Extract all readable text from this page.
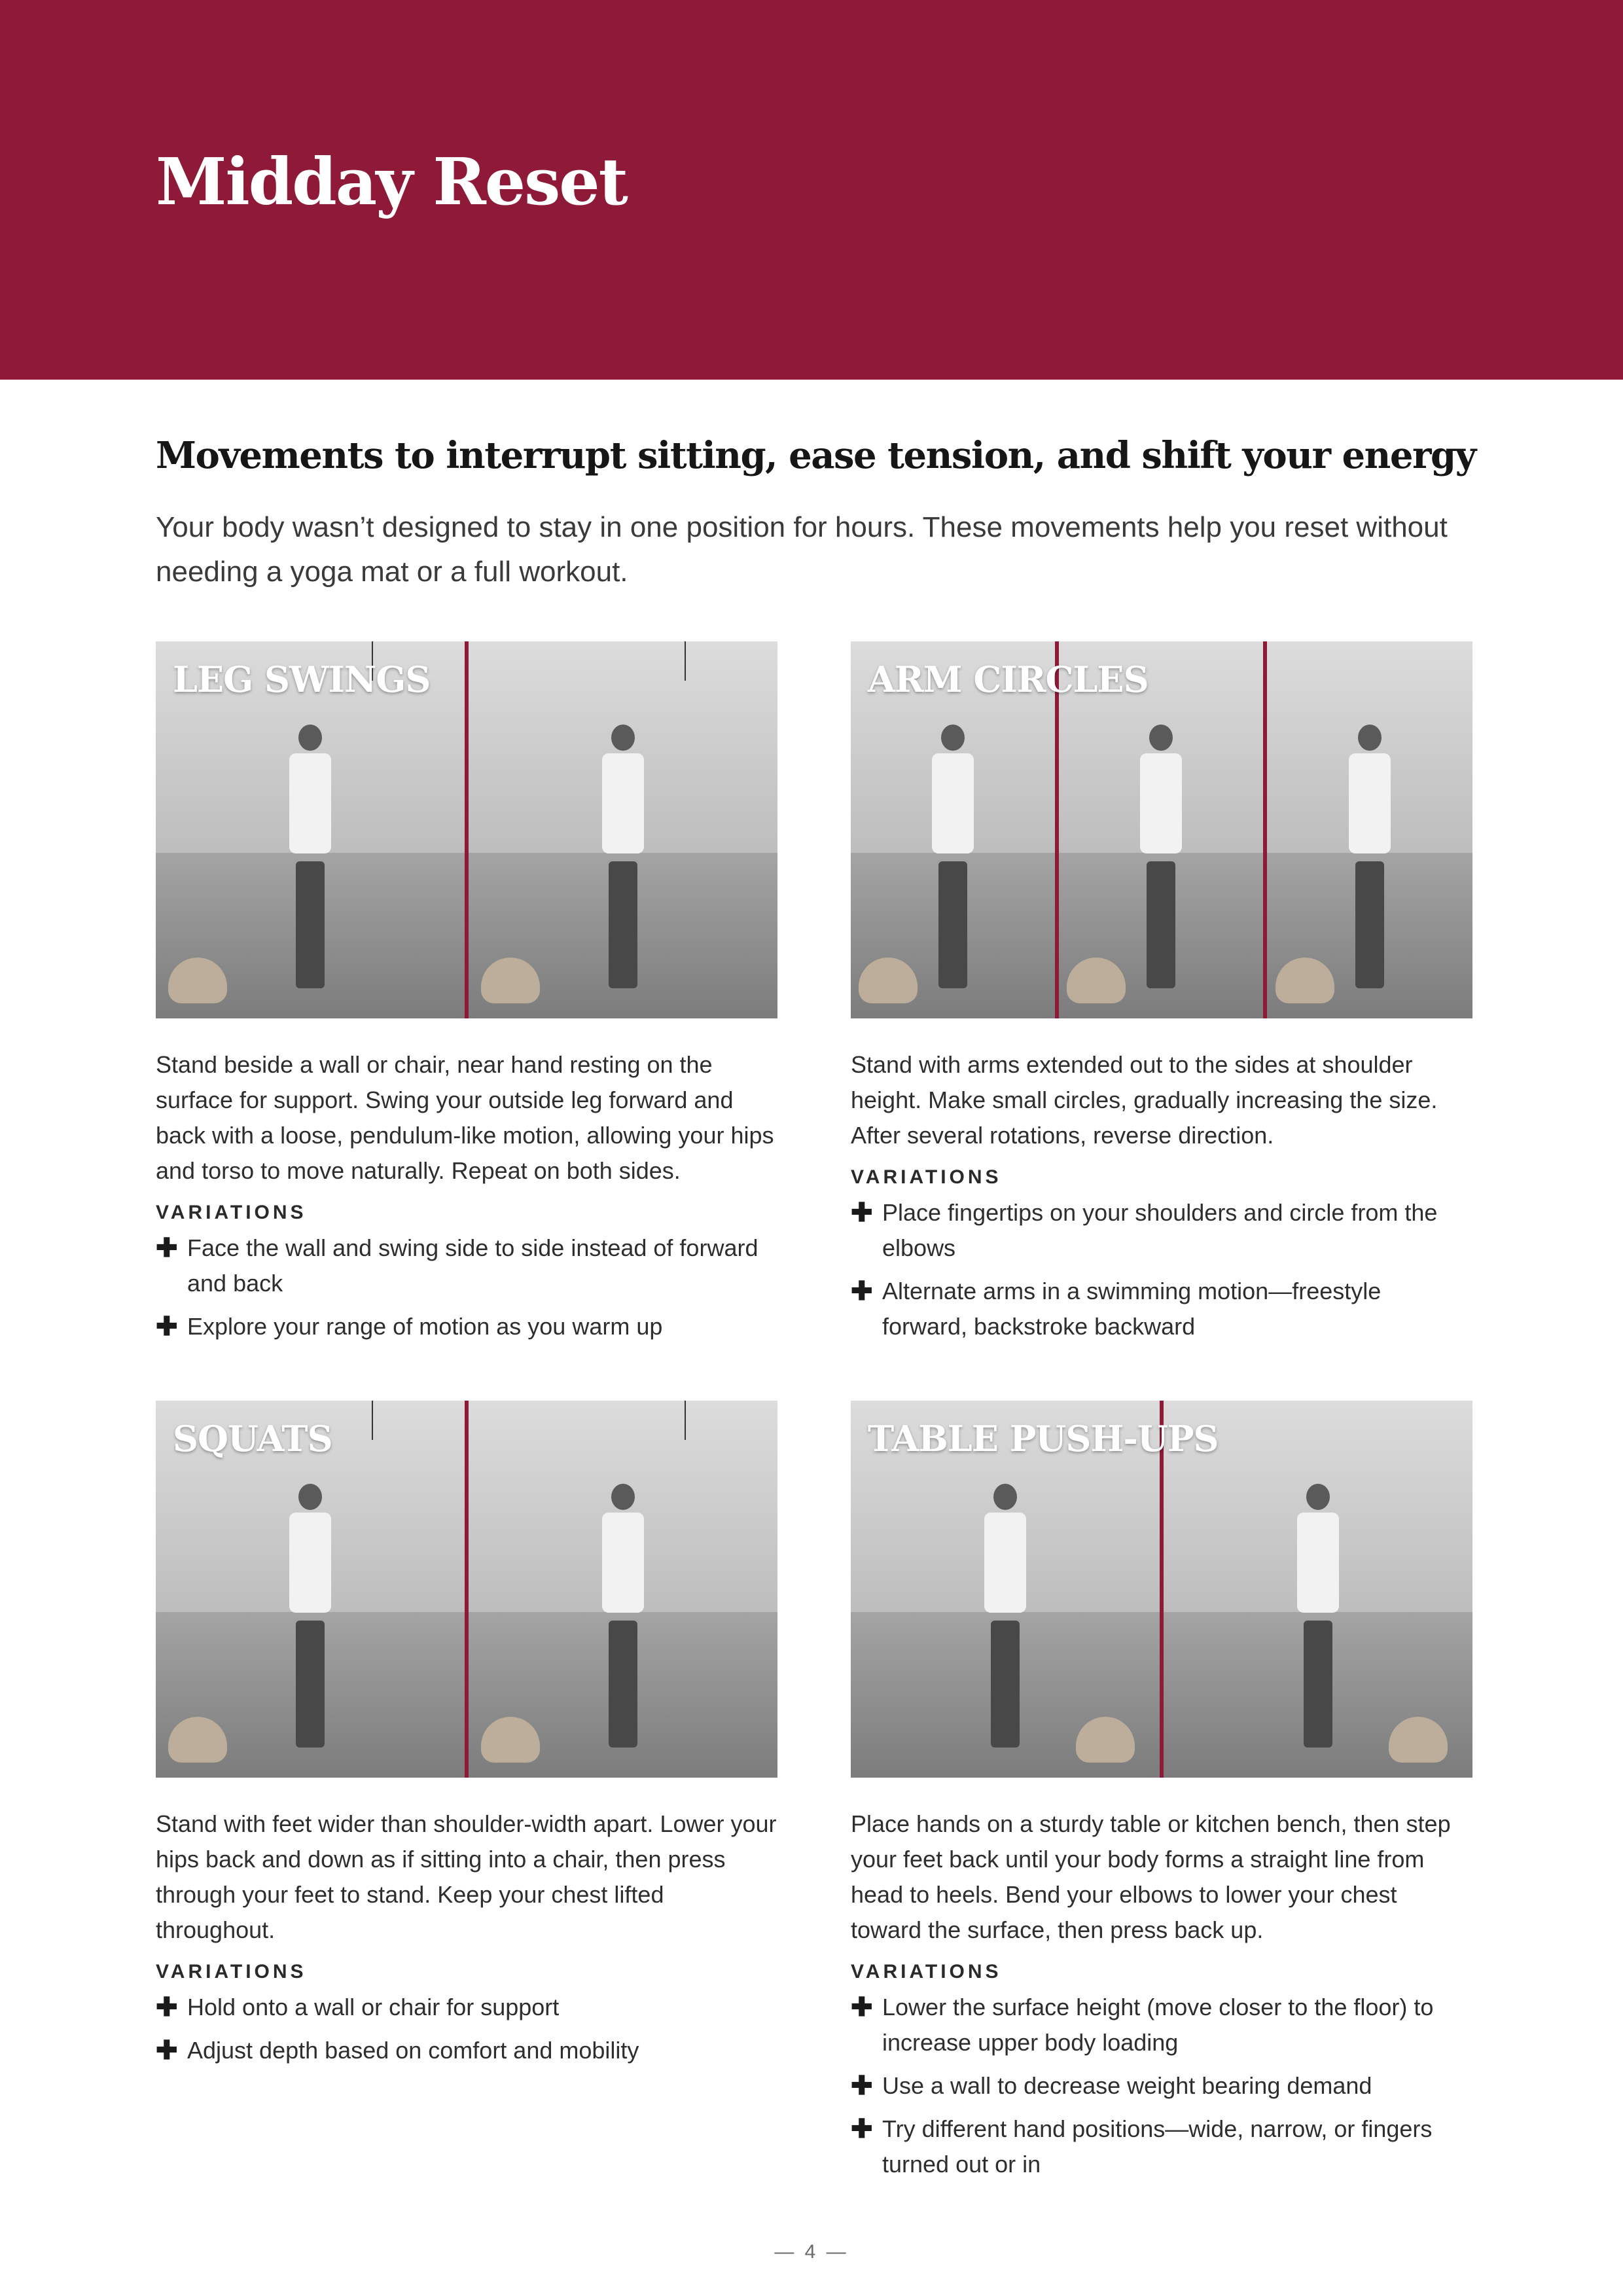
Midday Reset
Movements to interrupt sitting, ease tension, and shift your energy

Your body wasn’t designed to stay in one position for hours. These movements help you reset without needing a yoga mat or a full workout.

LEG SWINGS

Stand beside a wall or chair, near hand resting on the surface for support. Swing your outside leg forward and back with a loose, pendulum-like motion, allowing your hips and torso to move naturally. Repeat on both sides.

VARIATIONS
✚ Face the wall and swing side to side instead of forward and back
✚ Explore your range of motion as you warm up
ARM CIRCLES

Stand with arms extended out to the sides at shoulder height. Make small circles, gradually increasing the size. After several rotations, reverse direction.

VARIATIONS
✚ Place fingertips on your shoulders and circle from the elbows
✚ Alternate arms in a swimming motion—freestyle forward, backstroke backward
SQUATS

Stand with feet wider than shoulder-width apart. Lower your hips back and down as if sitting into a chair, then press through your feet to stand. Keep your chest lifted throughout.

VARIATIONS
✚ Hold onto a wall or chair for support
✚ Adjust depth based on comfort and mobility
TABLE PUSH-UPS

Place hands on a sturdy table or kitchen bench, then step your feet back until your body forms a straight line from head to heels. Bend your elbows to lower your chest toward the surface, then press back up.

VARIATIONS
✚ Lower the surface height (move closer to the floor) to increase upper body loading
✚ Use a wall to decrease weight bearing demand
✚ Try different hand positions—wide, narrow, or fingers turned out or in
— 4 —
